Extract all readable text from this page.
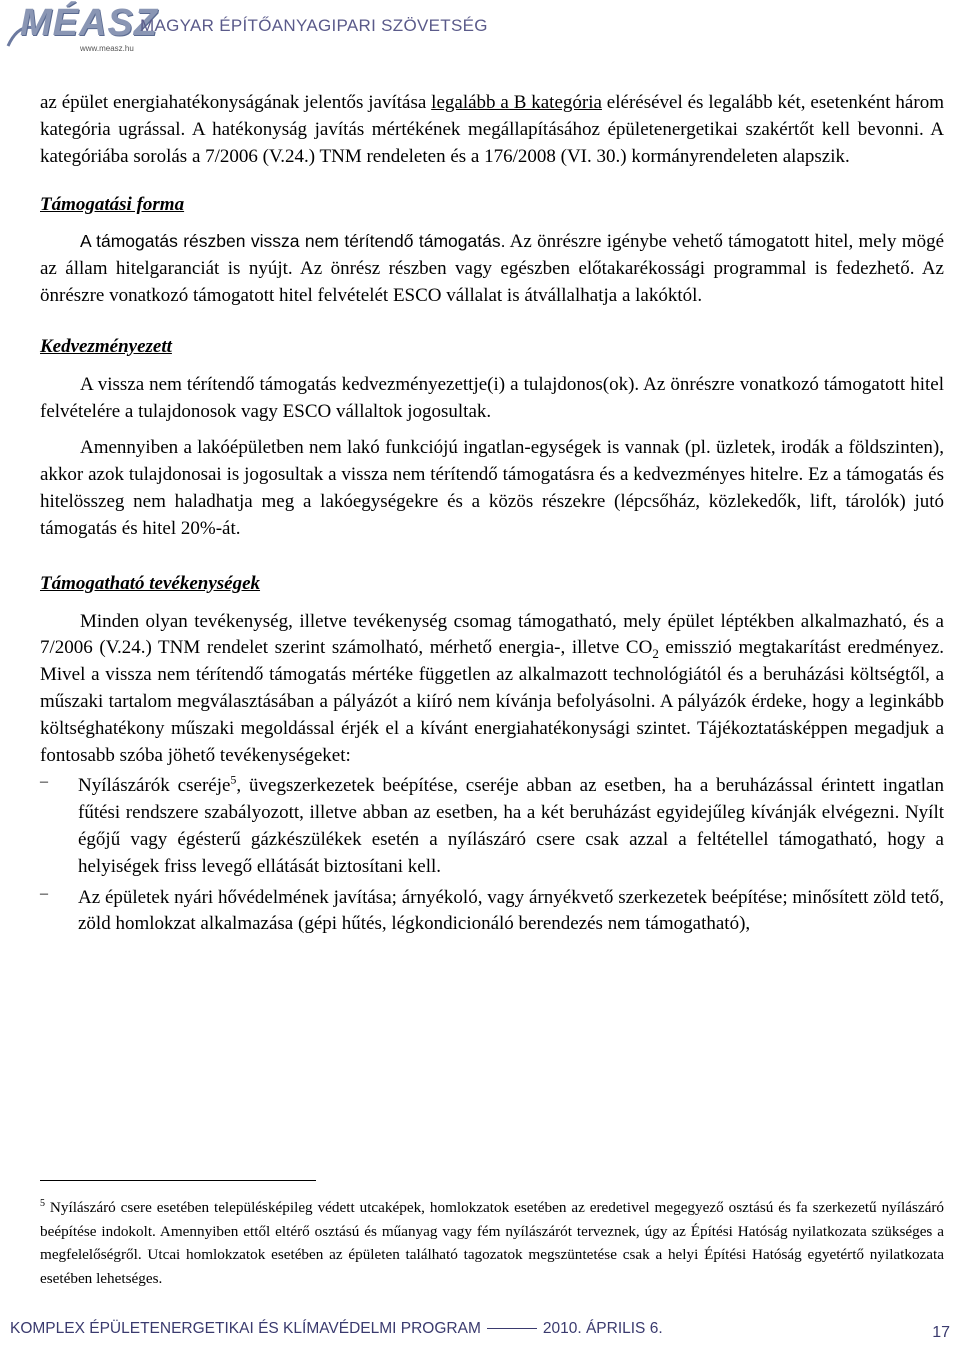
MÉASZ
www.measz.hu
MAGYAR ÉPÍTŐANYAGIPARI SZÖVETSÉG

az épület energiahatékonyságának jelentős javítása legalább a B kategória elérésével és legalább két, esetenként három kategória ugrással. A hatékonyság javítás mértékének megállapításához épületenergetikai szakértőt kell bevonni. A kategóriába sorolás a 7/2006 (V.24.) TNM rendeleten és a 176/2008 (VI. 30.) kormányrendeleten alapszik.

Támogatási forma

A támogatás részben vissza nem térítendő támogatás. Az önrészre igénybe vehető támogatott hitel, mely mögé az állam hitelgaranciát is nyújt. Az önrész részben vagy egészben előtakarékossági programmal is fedezhető. Az önrészre vonatkozó támogatott hitel felvételét ESCO vállalat is átvállalhatja a lakóktól.

Kedvezményezett

A vissza nem térítendő támogatás kedvezményezettje(i) a tulajdonos(ok). Az önrészre vonatkozó támogatott hitel felvételére a tulajdonosok vagy ESCO vállaltok jogosultak.

Amennyiben a lakóépületben nem lakó funkciójú ingatlan-egységek is vannak (pl. üzletek, irodák a földszinten), akkor azok tulajdonosai is jogosultak a vissza nem térítendő támogatásra és a kedvezményes hitelre. Ez a támogatás és hitelösszeg nem haladhatja meg a lakóegységekre és a közös részekre (lépcsőház, közlekedők, lift, tárolók) jutó támogatás és hitel 20%-át.

Támogatható tevékenységek

Minden olyan tevékenység, illetve tevékenység csomag támogatható, mely épület léptékben alkalmazható, és a 7/2006 (V.24.) TNM rendelet szerint számolható, mérhető energia-, illetve $CO_2$ emisszió megtakarítást eredményez. Mivel a vissza nem térítendő támogatás mértéke független az alkalmazott technológiától és a beruházási költségtől, a műszaki tartalom megválasztásában a pályázót a kiíró nem kívánja befolyásolni. A pályázók érdeke, hogy a leginkább költséghatékony műszaki megoldással érjék el a kívánt energiahatékonysági szintet. Tájékoztatásképpen megadjuk a fontosabb szóba jöhető tevékenységeket:

– Nyílászárók cseréje$^5$, üvegszerkezetek beépítése, cseréje abban az esetben, ha a beruházással érintett ingatlan fűtési rendszere szabályozott, illetve abban az esetben, ha a két beruházást egyidejűleg kívánják elvégezni. Nyílt égőjű vagy égésterű gázkészülékek esetén a nyílászáró csere csak azzal a feltétellel támogatható, hogy a helyiségek friss levegő ellátását biztosítani kell.

– Az épületek nyári hővédelmének javítása; árnyékoló, vagy árnyékvető szerkezetek beépítése; minősített zöld tető, zöld homlokzat alkalmazása (gépi hűtés, légkondicionáló berendezés nem támogatható),

$^5$ Nyílászáró csere esetében településképileg védett utcaképek, homlokzatok esetében az eredetivel megegyező osztású és fa szerkezetű nyílászáró beépítése indokolt. Amennyiben ettől eltérő osztású és műanyag vagy fém nyílászárót terveznek, úgy az Építési Hatóság nyilatkozata szükséges a megfelelőségről. Utcai homlokzatok esetében az épületen található tagozatok megszüntetése csak a helyi Építési Hatóság egyetértő nyilatkozata esetében lehetséges.
KOMPLEX ÉPÜLETENERGETIKAI ÉS KLÍMAVÉDELMI PROGRAM	2010. ÁPRILIS 6.	17
